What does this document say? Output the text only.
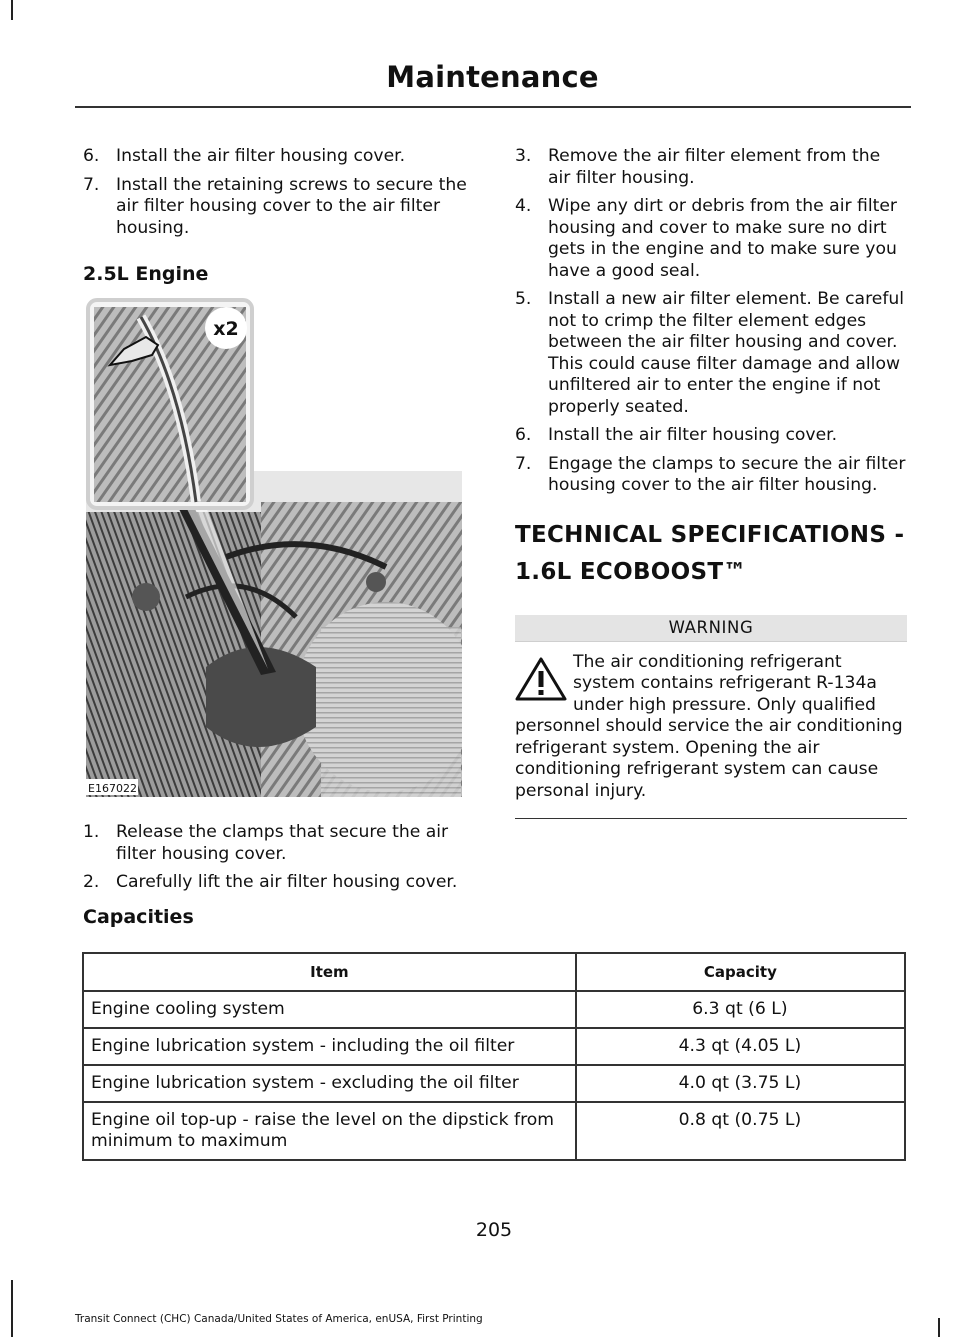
Maintenance
6. Install the air filter housing cover.
7. Install the retaining screws to secure the air filter housing cover to the air filter housing.
2.5L Engine
x2
E167022
1. Release the clamps that secure the air filter housing cover.
2. Carefully lift the air filter housing cover.
3. Remove the air filter element from the air filter housing.
4. Wipe any dirt or debris from the air filter housing and cover to make sure no dirt gets in the engine and to make sure you have a good seal.
5. Install a new air filter element. Be careful not to crimp the filter element edges between the air filter housing and cover. This could cause filter damage and allow unfiltered air to enter the engine if not properly seated.
6. Install the air filter housing cover.
7. Engage the clamps to secure the air filter housing cover to the air filter housing.
TECHNICAL SPECIFICATIONS - 1.6L ECOBOOST™
WARNING
The air conditioning refrigerant system contains refrigerant R-134a under high pressure. Only qualified personnel should service the air conditioning refrigerant system. Opening the air conditioning refrigerant system can cause personal injury.
Capacities
Item	Capacity
Engine cooling system	6.3 qt (6 L)
Engine lubrication system - including the oil filter	4.3 qt (4.05 L)
Engine lubrication system - excluding the oil filter	4.0 qt (3.75 L)
Engine oil top-up - raise the level on the dipstick from minimum to maximum	0.8 qt (0.75 L)
205
Transit Connect (CHC) Canada/United States of America, enUSA, First Printing
